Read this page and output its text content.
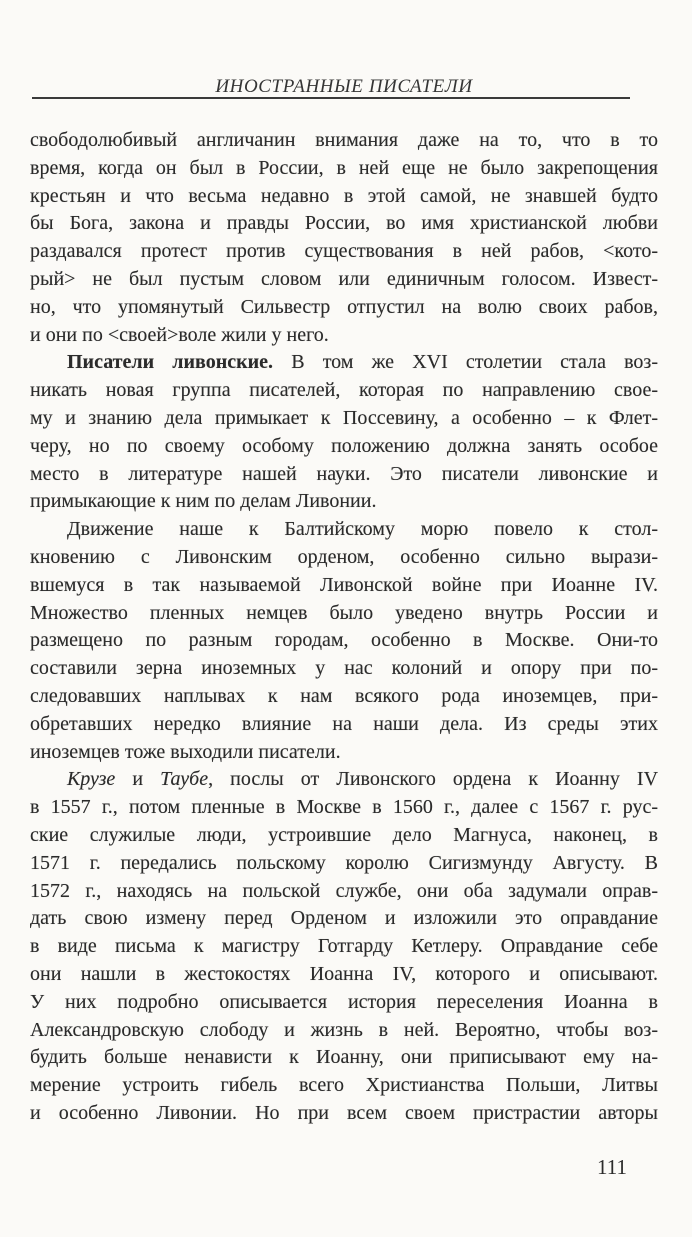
ИНОСТРАННЫЕ ПИСАТЕЛИ
свободолюбивый англичанин внимания даже на то, что в то
время, когда он был в России, в ней еще не было закрепощения
крестьян и что весьма недавно в этой самой, не знавшей будто
бы Бога, закона и правды России, во имя христианской любви
раздавался протест против существования в ней рабов, <кото-
рый> не был пустым словом или единичным голосом. Извест-
но, что упомянутый Сильвестр отпустил на волю своих рабов,
и они по <своей>воле жили у него.
Писатели ливонские. В том же XVI столетии стала воз-
никать новая группа писателей, которая по направлению свое-
му и знанию дела примыкает к Поссевину, а особенно – к Флет-
черу, но по своему особому положению должна занять особое
место в литературе нашей науки. Это писатели ливонские и
примыкающие к ним по делам Ливонии.
Движение наше к Балтийскому морю повело к стол-
кновению с Ливонским орденом, особенно сильно вырази-
вшемуся в так называемой Ливонской войне при Иоанне IV.
Множество пленных немцев было уведено внутрь России и
размещено по разным городам, особенно в Москве. Они-то
составили зерна иноземных у нас колоний и опору при по-
следовавших наплывах к нам всякого рода иноземцев, при-
обретавших нередко влияние на наши дела. Из среды этих
иноземцев тоже выходили писатели.
Крузе и Таубе, послы от Ливонского ордена к Иоанну IV
в 1557 г., потом пленные в Москве в 1560 г., далее с 1567 г. рус-
ские служилые люди, устроившие дело Магнуса, наконец, в
1571 г. передались польскому королю Сигизмунду Августу. В
1572 г., находясь на польской службе, они оба задумали оправ-
дать свою измену перед Орденом и изложили это оправдание
в виде письма к магистру Готгарду Кетлеру. Оправдание себе
они нашли в жестокостях Иоанна IV, которого и описывают.
У них подробно описывается история переселения Иоанна в
Александровскую слободу и жизнь в ней. Вероятно, чтобы воз-
будить больше ненависти к Иоанну, они приписывают ему на-
мерение устроить гибель всего Христианства Польши, Литвы
и особенно Ливонии. Но при всем своем пристрастии авторы
111
